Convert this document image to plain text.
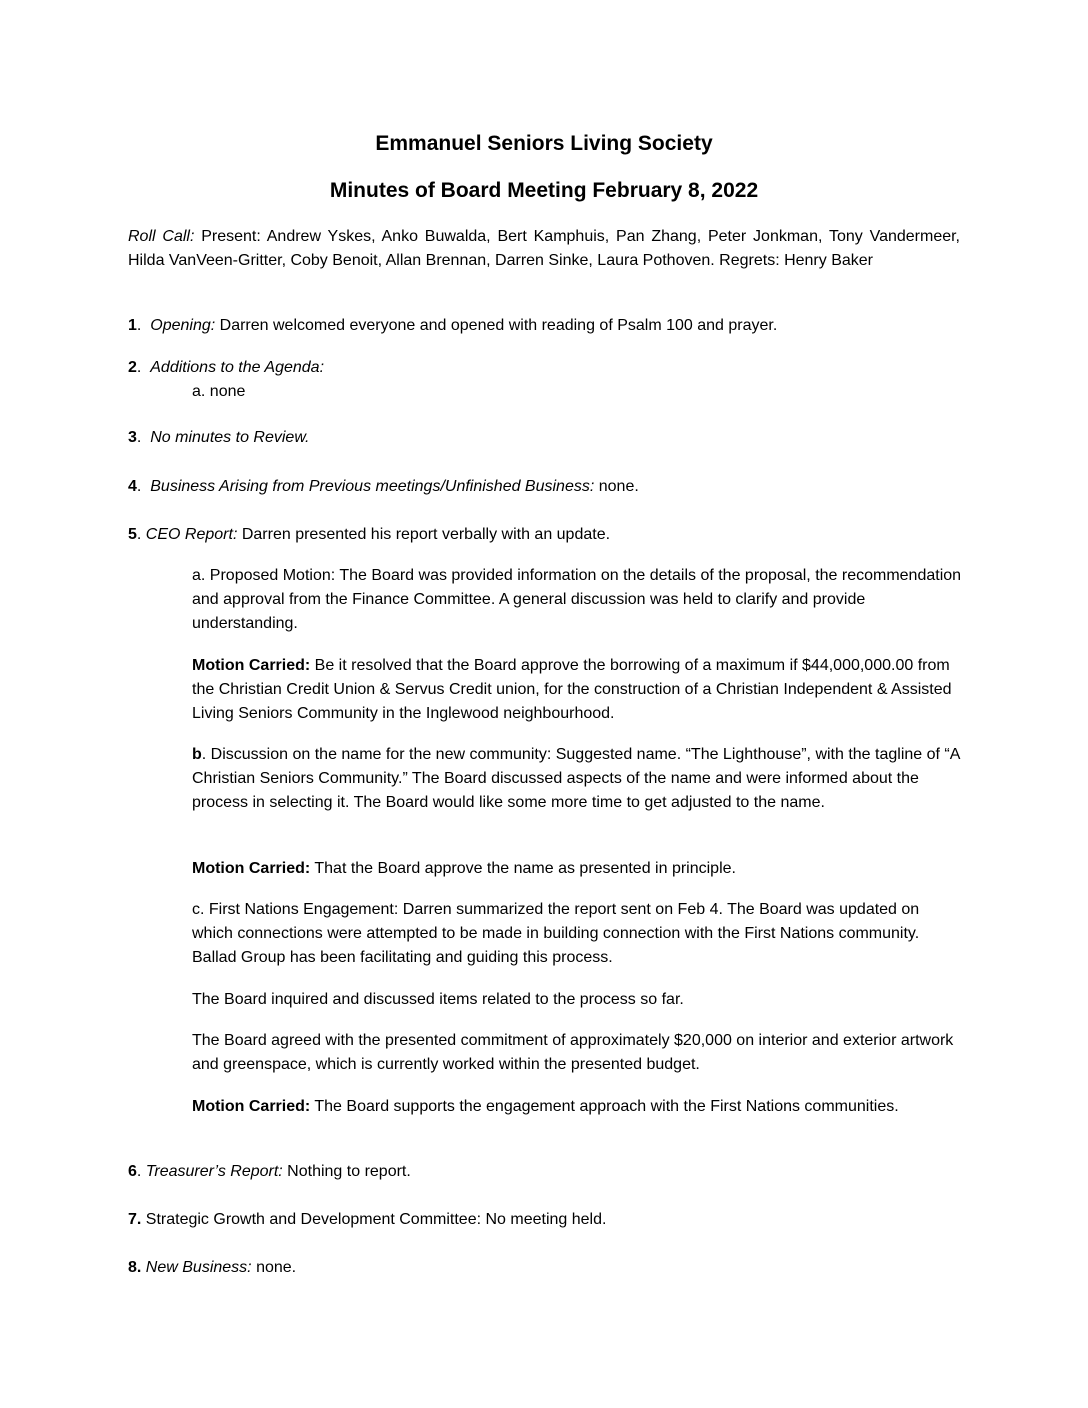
Emmanuel Seniors Living Society
Minutes of Board Meeting February 8, 2022

Roll Call: Present: Andrew Yskes, Anko Buwalda, Bert Kamphuis, Pan Zhang, Peter Jonkman, Tony Vandermeer, Hilda VanVeen-Gritter, Coby Benoit, Allan Brennan, Darren Sinke, Laura Pothoven. Regrets: Henry Baker

1.  Opening: Darren welcomed everyone and opened with reading of Psalm 100 and prayer.

2.  Additions to the Agenda:

a. none

3.  No minutes to Review.

4.  Business Arising from Previous meetings/Unfinished Business: none.

5. CEO Report: Darren presented his report verbally with an update.

a. Proposed Motion: The Board was provided information on the details of the proposal, the recommendation and approval from the Finance Committee. A general discussion was held to clarify and provide understanding.

Motion Carried: Be it resolved that the Board approve the borrowing of a maximum if $44,000,000.00 from the Christian Credit Union & Servus Credit union, for the construction of a Christian Independent & Assisted Living Seniors Community in the Inglewood neighbourhood.

b. Discussion on the name for the new community: Suggested name. “The Lighthouse”, with the tagline of “A Christian Seniors Community.” The Board discussed aspects of the name and were informed about the process in selecting it. The Board would like some more time to get adjusted to the name.

Motion Carried: That the Board approve the name as presented in principle.

c. First Nations Engagement: Darren summarized the report sent on Feb 4. The Board was updated on which connections were attempted to be made in building connection with the First Nations community. Ballad Group has been facilitating and guiding this process.

The Board inquired and discussed items related to the process so far.

The Board agreed with the presented commitment of approximately $20,000 on interior and exterior artwork and greenspace, which is currently worked within the presented budget.

Motion Carried: The Board supports the engagement approach with the First Nations communities.

6. Treasurer’s Report: Nothing to report.

7. Strategic Growth and Development Committee: No meeting held.

8. New Business: none.
